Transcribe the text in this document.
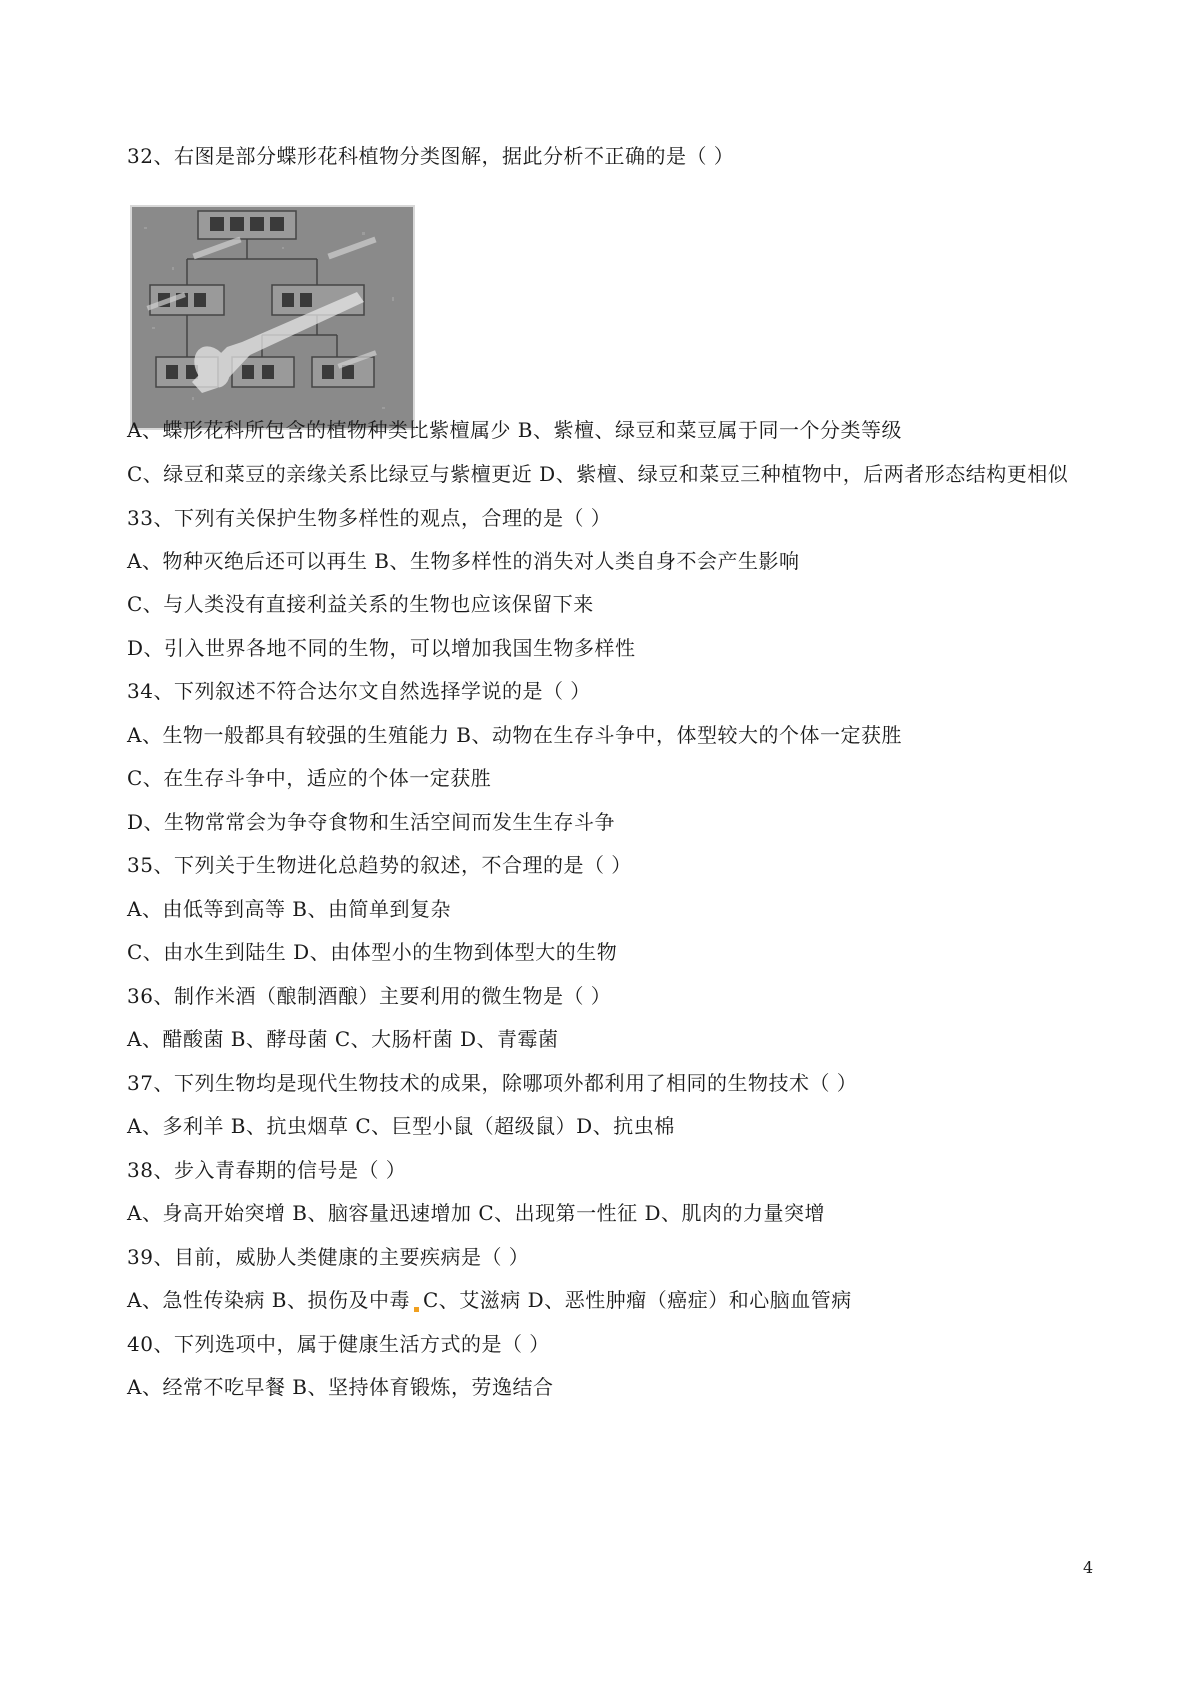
32、右图是部分蝶形花科植物分类图解，据此分析不正确的是（ ）
A、蝶形花科所包含的植物种类比紫檀属少 B、紫檀、绿豆和菜豆属于同一个分类等级
C、绿豆和菜豆的亲缘关系比绿豆与紫檀更近 D、紫檀、绿豆和菜豆三种植物中，后两者形态结构更相似
33、下列有关保护生物多样性的观点，合理的是（ ）
A、物种灭绝后还可以再生 B、生物多样性的消失对人类自身不会产生影响
C、与人类没有直接利益关系的生物也应该保留下来
D、引入世界各地不同的生物，可以增加我国生物多样性
34、下列叙述不符合达尔文自然选择学说的是（ ）
A、生物一般都具有较强的生殖能力 B、动物在生存斗争中，体型较大的个体一定获胜
C、在生存斗争中，适应的个体一定获胜
D、生物常常会为争夺食物和生活空间而发生生存斗争
35、下列关于生物进化总趋势的叙述，不合理的是（ ）
A、由低等到高等 B、由简单到复杂
C、由水生到陆生 D、由体型小的生物到体型大的生物
36、制作米酒（酿制酒酿）主要利用的微生物是（ ）
A、醋酸菌 B、酵母菌 C、大肠杆菌 D、青霉菌
37、下列生物均是现代生物技术的成果，除哪项外都利用了相同的生物技术（ ）
A、多利羊 B、抗虫烟草 C、巨型小鼠（超级鼠）D、抗虫棉
38、步入青春期的信号是（ ）
A、身高开始突增 B、脑容量迅速增加 C、出现第一性征 D、肌肉的力量突增
39、目前，威胁人类健康的主要疾病是（ ）
A、急性传染病 B、损伤及中毒 C、艾滋病 D、恶性肿瘤（癌症）和心脑血管病
40、下列选项中，属于健康生活方式的是（ ）
A、经常不吃早餐 B、坚持体育锻炼，劳逸结合
4
